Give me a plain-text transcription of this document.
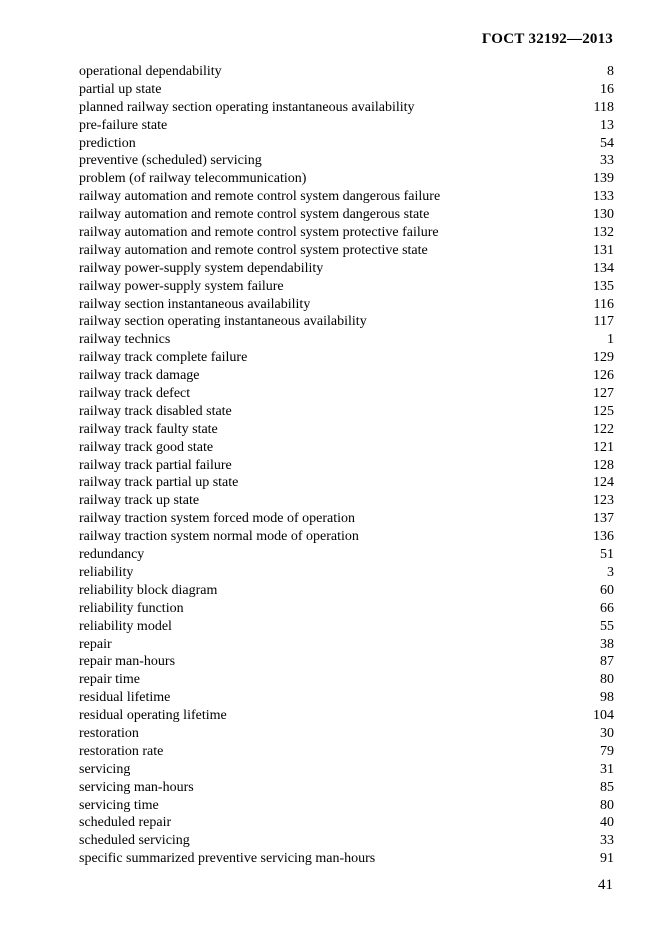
ГОСТ 32192—2013
operational dependability	8
partial up state	16
planned railway section operating instantaneous availability	118
pre-failure state	13
prediction	54
preventive (scheduled) servicing	33
problem (of railway telecommunication)	139
railway automation and remote control system dangerous failure	133
railway automation and remote control system dangerous state	130
railway automation and remote control system protective failure	132
railway automation and remote control system protective state	131
railway power-supply system dependability	134
railway power-supply system failure	135
railway section instantaneous availability	116
railway section operating instantaneous availability	117
railway technics	1
railway track complete failure	129
railway track damage	126
railway track defect	127
railway track disabled state	125
railway track faulty state	122
railway track good state	121
railway track partial failure	128
railway track partial up state	124
railway track up state	123
railway traction system forced mode of operation	137
railway traction system normal mode of operation	136
redundancy	51
reliability	3
reliability block diagram	60
reliability function	66
reliability model	55
repair	38
repair man-hours	87
repair time	80
residual lifetime	98
residual operating lifetime	104
restoration	30
restoration rate	79
servicing	31
servicing man-hours	85
servicing time	80
scheduled repair	40
scheduled servicing	33
specific summarized preventive servicing man-hours	91
41
